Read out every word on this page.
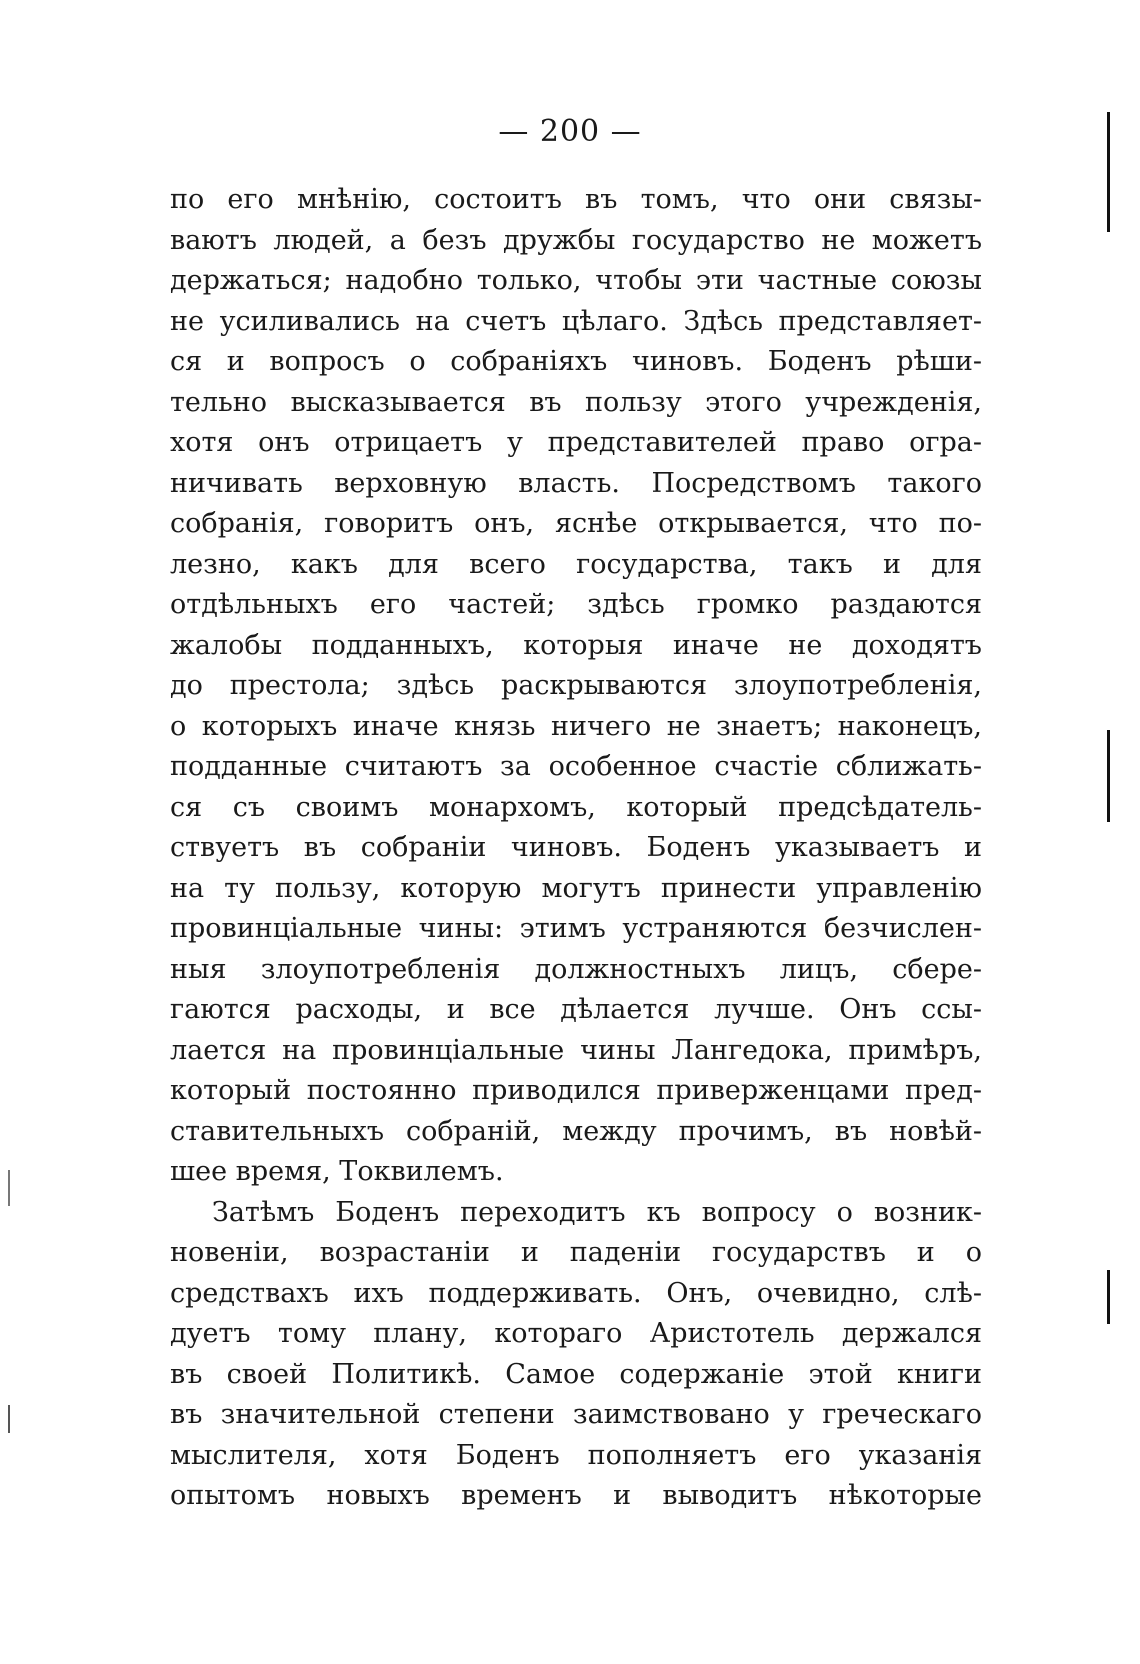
— 200 —
по его мнѣнію, состоитъ въ томъ, что они связы-
ваютъ людей, а безъ дружбы государство не можетъ
держаться; надобно только, чтобы эти частные союзы
не усиливались на счетъ цѣлаго. Здѣсь представляет-
ся и вопросъ о собраніяхъ чиновъ. Боденъ рѣши-
тельно высказывается въ пользу этого учрежденія,
хотя онъ отрицаетъ у представителей право огра-
ничивать верховную власть. Посредствомъ такого
собранія, говоритъ онъ, яснѣе открывается, что по-
лезно, какъ для всего государства, такъ и для
отдѣльныхъ его частей; здѣсь громко раздаются
жалобы подданныхъ, которыя иначе не доходятъ
до престола; здѣсь раскрываются злоупотребленія,
о которыхъ иначе князь ничего не знаетъ; наконецъ,
подданные считаютъ за особенное счастіе сближать-
ся съ своимъ монархомъ, который предсѣдатель-
ствуетъ въ собраніи чиновъ. Боденъ указываетъ и
на ту пользу, которую могутъ принести управленію
провинціальные чины: этимъ устраняются безчислен-
ныя злоупотребленія должностныхъ лицъ, сбере-
гаются расходы, и все дѣлается лучше. Онъ ссы-
лается на провинціальные чины Лангедока, примѣръ,
который постоянно приводился приверженцами пред-
ставительныхъ собраній, между прочимъ, въ новѣй-
шее время, Токвилемъ.
Затѣмъ Боденъ переходитъ къ вопросу о возник-
новеніи, возрастаніи и паденіи государствъ и о
средствахъ ихъ поддерживать. Онъ, очевидно, слѣ-
дуетъ тому плану, котораго Аристотель держался
въ своей Политикѣ. Самое содержаніе этой книги
въ значительной степени заимствовано у греческаго
мыслителя, хотя Боденъ пополняетъ его указанія
опытомъ новыхъ временъ и выводитъ нѣкоторые
